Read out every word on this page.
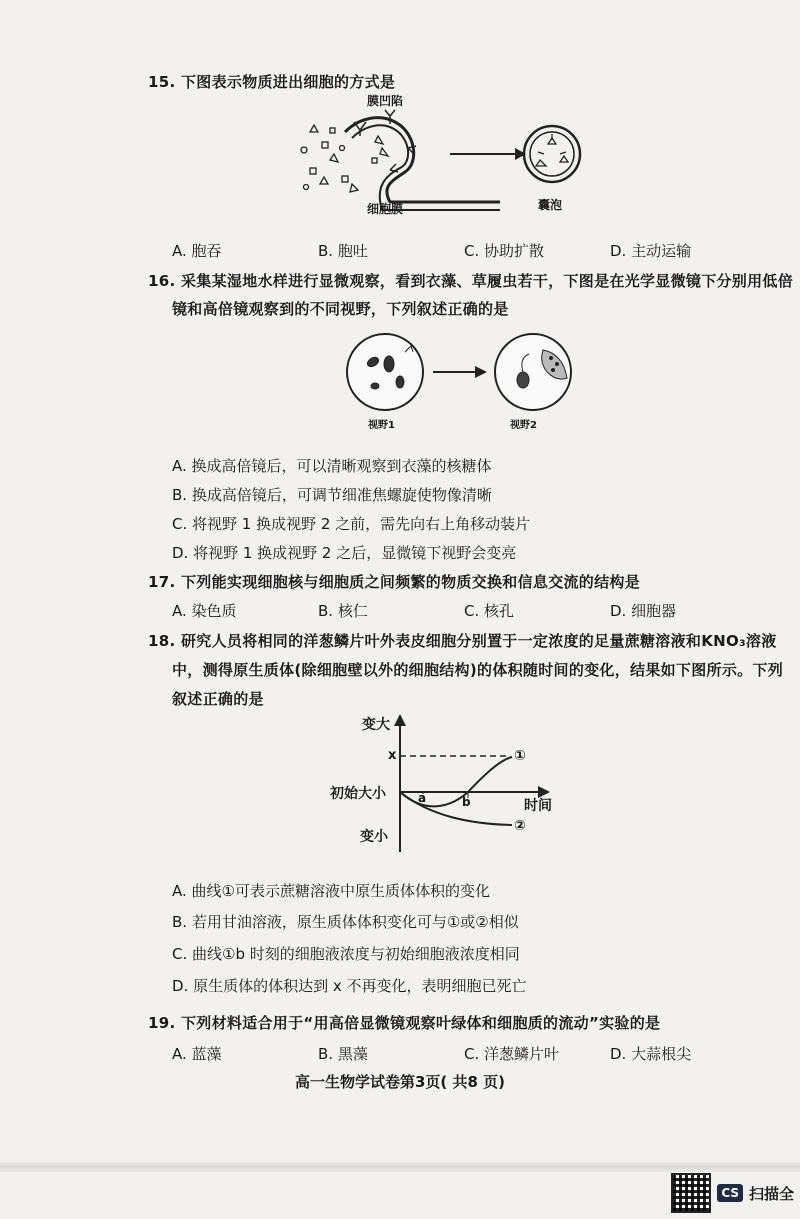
15. 下图表示物质进出细胞的方式是
膜凹陷
细胞膜	囊泡
A. 胞吞	B. 胞吐	C. 协助扩散	D. 主动运输
16. 采集某湿地水样进行显微观察，看到衣藻、草履虫若干，下图是在光学显微镜下分别用低倍
镜和高倍镜观察到的不同视野，下列叙述正确的是
视野1	视野2
A. 换成高倍镜后，可以清晰观察到衣藻的核糖体
B. 换成高倍镜后，可调节细准焦螺旋使物像清晰
C. 将视野 1 换成视野 2 之前，需先向右上角移动装片
D. 将视野 1 换成视野 2 之后，显微镜下视野会变亮
17. 下列能实现细胞核与细胞质之间频繁的物质交换和信息交流的结构是
A. 染色质	B. 核仁	C. 核孔	D. 细胞器
18. 研究人员将相同的洋葱鳞片叶外表皮细胞分别置于一定浓度的足量蔗糖溶液和KNO₃溶液
中，测得原生质体(除细胞壁以外的细胞结构)的体积随时间的变化，结果如下图所示。下列
叙述正确的是
变大
x	①
初始大小	a	b	时间
变小
②
A. 曲线①可表示蔗糖溶液中原生质体体积的变化
B. 若用甘油溶液，原生质体体积变化可与①或②相似
C. 曲线①b 时刻的细胞液浓度与初始细胞液浓度相同
D. 原生质体的体积达到 x 不再变化，表明细胞已死亡
19. 下列材料适合用于“用高倍显微镜观察叶绿体和细胞质的流动”实验的是
A. 蓝藻	B. 黑藻	C. 洋葱鳞片叶	D. 大蒜根尖
高一生物学试卷第3页( 共8 页)
CS 扫描全
